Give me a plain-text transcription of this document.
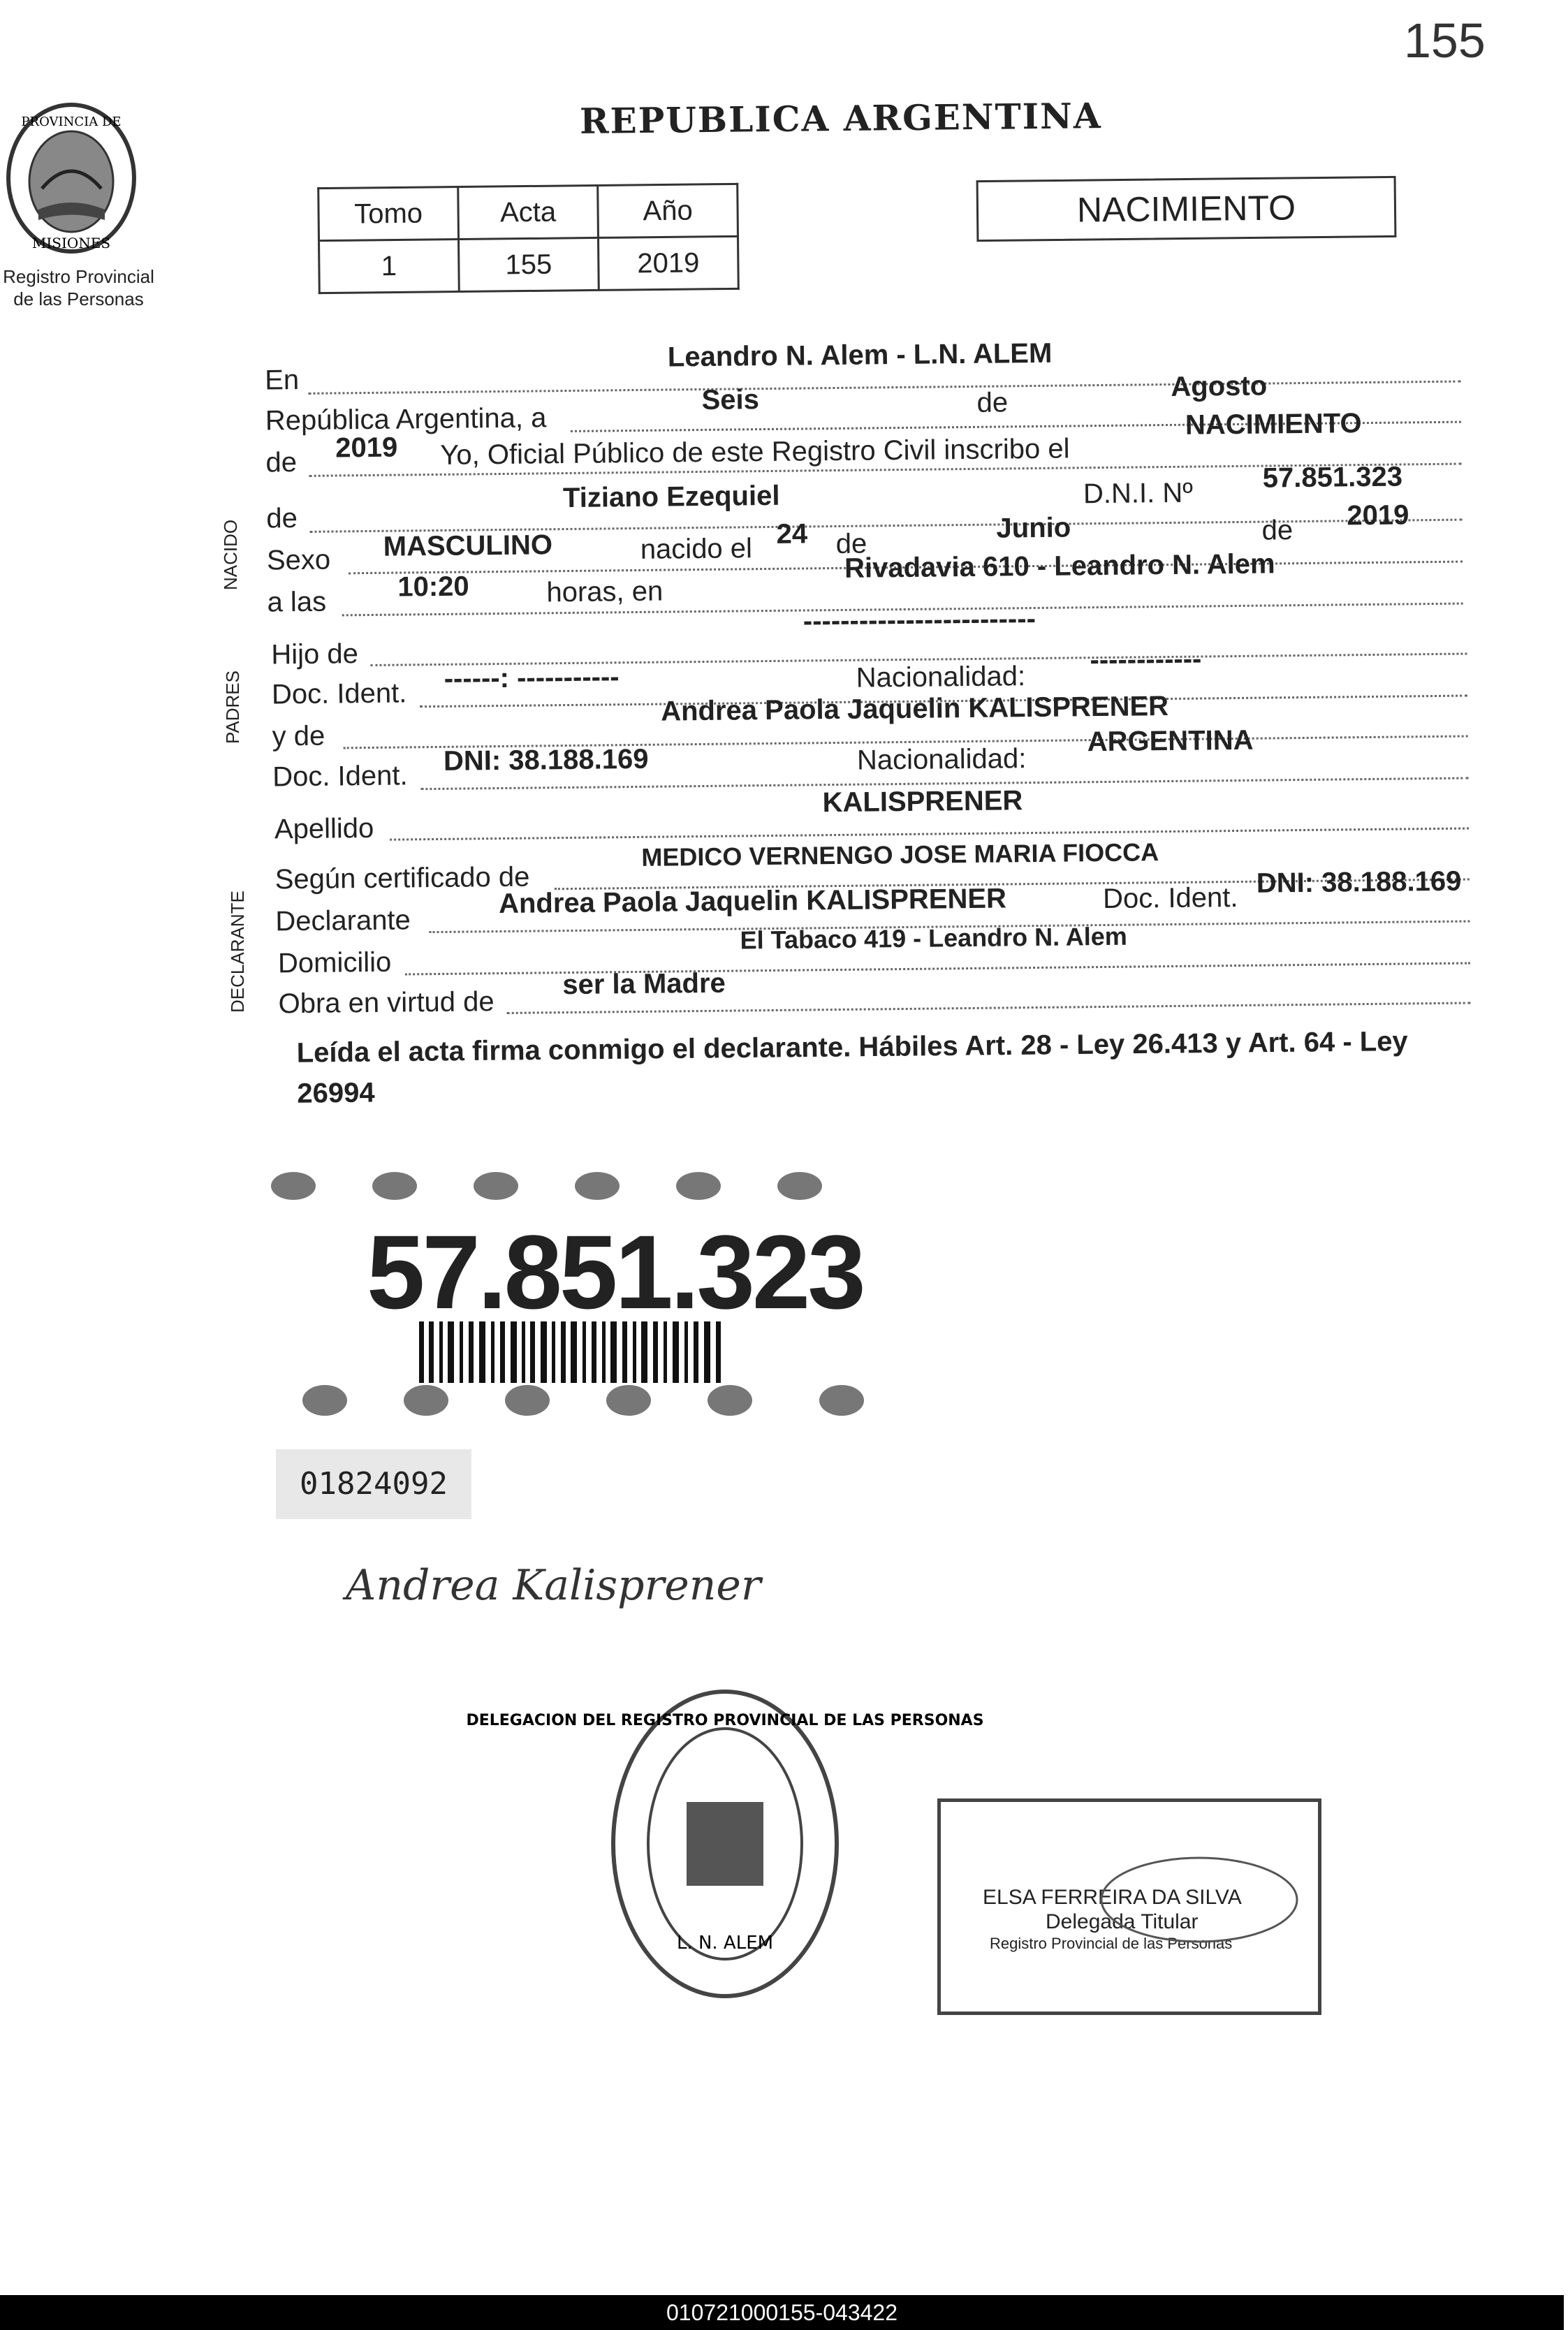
155
REPUBLICA ARGENTINA
PROVINCIA DE
MISIONES
Registro Provincial
de las Personas
Tomo	Acta	Año
1	155	2019
NACIMIENTO
En
Leandro N. Alem - L.N. ALEM
República Argentina, a
Seis	de
Agosto
de 2019 Yo, Oficial Público de este Registro Civil inscribo el
NACIMIENTO
de
Tiziano Ezequiel	D.N.I. Nº 57.851.323
Sexo MASCULINO	nacido el 24 de
Junio	de 2019
a las	10:20	horas, en
Rivadavia 610 - Leandro N. Alem
Hijo de
-------------------------
Doc. Ident. ------: -----------	Nacionalidad:
------------
y de
Andrea Paola Jaquelin KALISPRENER
Doc. Ident. DNI: 38.188.169	Nacionalidad:
ARGENTINA
Apellido
KALISPRENER
Según certificado de
MEDICO VERNENGO JOSE MARIA FIOCCA
Declarante
Andrea Paola Jaquelin KALISPRENER	Doc. Ident. DNI: 38.188.169
Domicilio
El Tabaco 419 - Leandro N. Alem
Obra en virtud de
ser la Madre
NACIDO
PADRES
DECLARANTE
Leída el acta firma conmigo el declarante. Hábiles Art. 28 - Ley 26.413 y Art. 64 - Ley 26994
57.851.323
01824092
Andrea Kalisprener
DELEGACION DEL REGISTRO PROVINCIAL DE LAS PERSONAS
L. N. ALEM
ELSA FERREIRA DA SILVA
Delegada Titular
Registro Provincial de las Personas
010721000155-043422
